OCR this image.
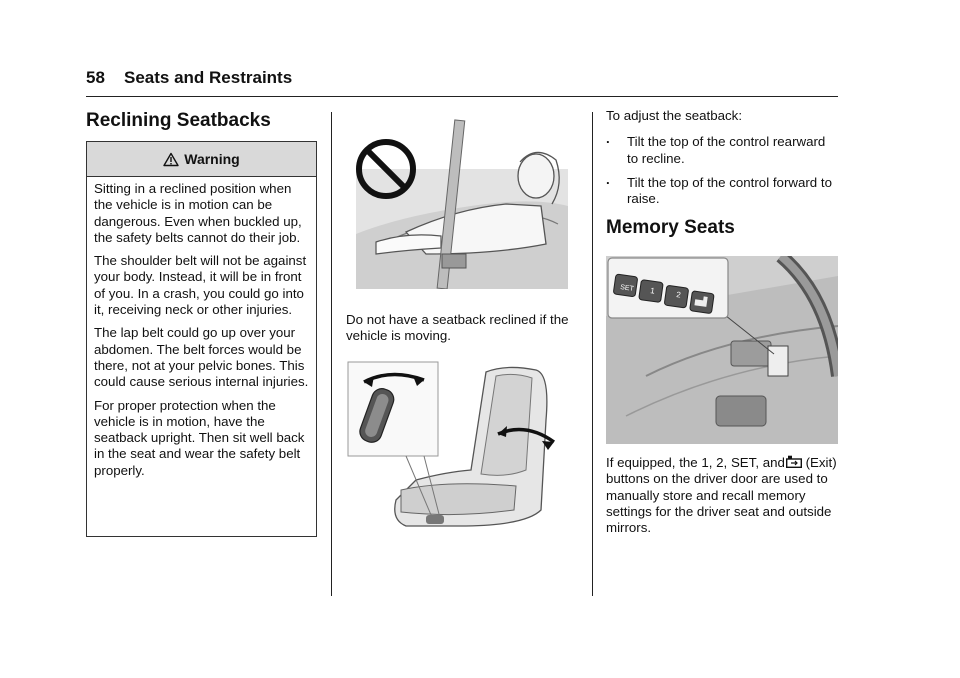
58 Seats and Restraints
Reclining Seatbacks
Warning

Sitting in a reclined position when the vehicle is in motion can be dangerous. Even when buckled up, the safety belts cannot do their job.

The shoulder belt will not be against your body. Instead, it will be in front of you. In a crash, you could go into it, receiving neck or other injuries.

The lap belt could go up over your abdomen. The belt forces would be there, not at your pelvic bones. This could cause serious internal injuries.

For proper protection when the vehicle is in motion, have the seatback upright. Then sit well back in the seat and wear the safety belt properly.

Do not have a seatback reclined if the vehicle is moving.

To adjust the seatback:

. Tilt the top of the control rearward to recline.
. Tilt the top of the control forward to raise.
Memory Seats
SET 1	2

If equipped, the 1, 2, SET, and (Exit) buttons on the driver door are used to manually store and recall memory settings for the driver seat and outside mirrors.
